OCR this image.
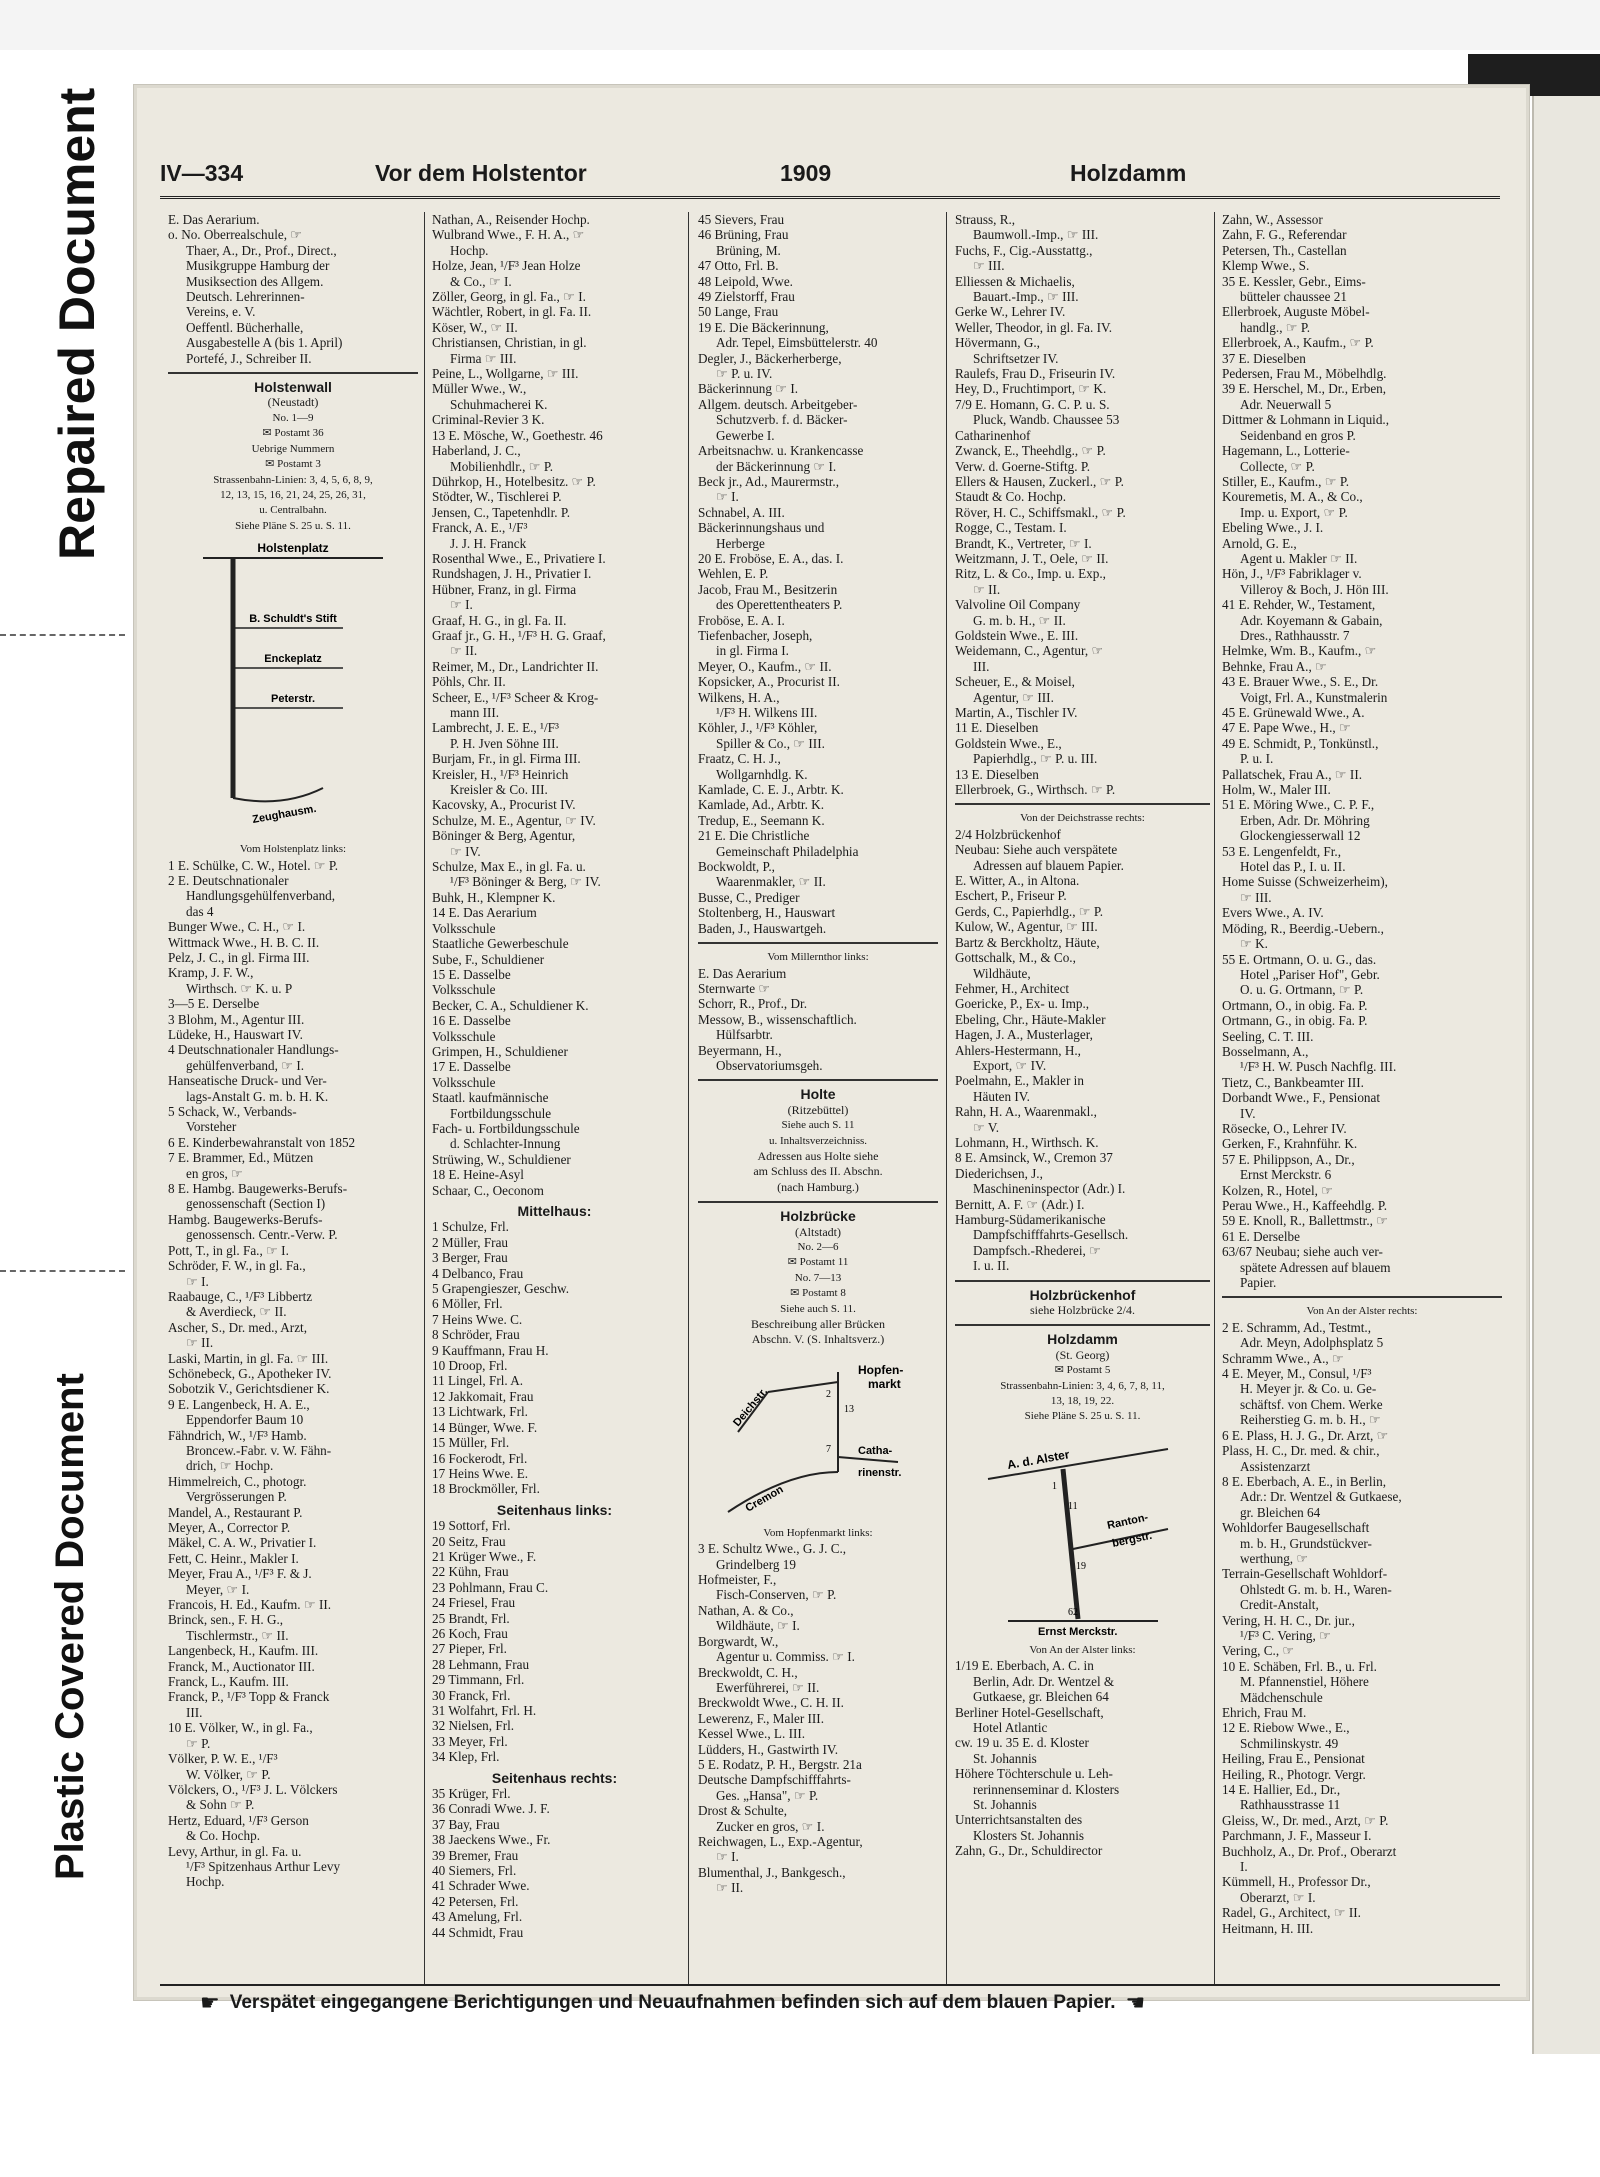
Repaired Document
Plastic Covered Document
IV—334	Vor dem Holstentor	1909	Holzdamm
E. Das Aerarium.
o. No. Oberrealschule, ☞
Thaer, A., Dr., Prof., Direct.,
Musikgruppe Hamburg der
Musiksection des Allgem.
Deutsch. Lehrerinnen-
Vereins, e. V.
Oeffentl. Bücherhalle,
Ausgabestelle A (bis 1. April)
Portefé, J., Schreiber II.
Holstenwall
(Neustadt)
No. 1—9
✉ Postamt 36
Uebrige Nummern
✉ Postamt 3
Strassenbahn-Linien: 3, 4, 5, 6, 8, 9,
12, 13, 15, 16, 21, 24, 25, 26, 31,
u. Centralbahn.
Siehe Pläne S. 25 u. S. 11.
Holstenplatz
B. Schuldt's Stift
Enckeplatz
Peterstr.
Zeughausm.
Vom Holstenplatz links:
1 E. Schülke, C. W., Hotel. ☞ P.
2 E. Deutschnationaler
Handlungsgehülfenverband,
das 4
Bunger Wwe., C. H., ☞ I.
Wittmack Wwe., H. B. C. II.
Pelz, J. C., in gl. Firma III.
Kramp, J. F. W.,
Wirthsch. ☞ K. u. P
3—5 E. Derselbe
3 Blohm, M., Agentur III.
Lüdeke, H., Hauswart IV.
4 Deutschnationaler Handlungs-
gehülfenverband, ☞ I.
Hanseatische Druck- und Ver-
lags-Anstalt G. m. b. H. K.
5 Schack, W., Verbands-
Vorsteher
6 E. Kinderbewahranstalt von 1852
7 E. Brammer, Ed., Mützen
en gros, ☞
8 E. Hambg. Baugewerks-Berufs-
genossenschaft (Section I)
Hambg. Baugewerks-Berufs-
genossensch. Centr.-Verw. P.
Pott, T., in gl. Fa., ☞ I.
Schröder, F. W., in gl. Fa.,
☞ I.
Raabauge, C., ¹/F³ Libbertz
& Averdieck, ☞ II.
Ascher, S., Dr. med., Arzt,
☞ II.
Laski, Martin, in gl. Fa. ☞ III.
Schönebeck, G., Apotheker IV.
Sobotzik V., Gerichtsdiener K.
9 E. Langenbeck, H. A. E.,
Eppendorfer Baum 10
Fähndrich, W., ¹/F³ Hamb.
Broncew.-Fabr. v. W. Fähn-
drich, ☞ Hochp.
Himmelreich, C., photogr.
Vergrösserungen P.
Mandel, A., Restaurant P.
Meyer, A., Corrector P.
Mäkel, C. A. W., Privatier I.
Fett, C. Heinr., Makler I.
Meyer, Frau A., ¹/F³ F. & J.
Meyer, ☞ I.
Francois, H. Ed., Kaufm. ☞ II.
Brinck, sen., F. H. G.,
Tischlermstr., ☞ II.
Langenbeck, H., Kaufm. III.
Franck, M., Auctionator III.
Franck, L., Kaufm. III.
Franck, P., ¹/F³ Topp & Franck
III.
10 E. Völker, W., in gl. Fa.,
☞ P.
Völker, P. W. E., ¹/F³
W. Völker, ☞ P.
Völckers, O., ¹/F³ J. L. Völckers
& Sohn ☞ P.
Hertz, Eduard, ¹/F³ Gerson
& Co. Hochp.
Levy, Arthur, in gl. Fa. u.
¹/F³ Spitzenhaus Arthur Levy
Hochp.
Nathan, A., Reisender Hochp.
Wulbrand Wwe., F. H. A., ☞
Hochp.
Holze, Jean, ¹/F³ Jean Holze
& Co., ☞ I.
Zöller, Georg, in gl. Fa., ☞ I.
Wächtler, Robert, in gl. Fa. II.
Köser, W., ☞ II.
Christiansen, Christian, in gl.
Firma ☞ III.
Peine, L., Wollgarne, ☞ III.
Müller Wwe., W.,
Schuhmacherei K.
Criminal-Revier 3 K.
13 E. Mösche, W., Goethestr. 46
Haberland, J. C.,
Mobilienhdlr., ☞ P.
Dührkop, H., Hotelbesitz. ☞ P.
Stödter, W., Tischlerei P.
Jensen, C., Tapetenhdlr. P.
Franck, A. E., ¹/F³
J. J. H. Franck
Rosenthal Wwe., E., Privatiere I.
Rundshagen, J. H., Privatier I.
Hübner, Franz, in gl. Firma
☞ I.
Graaf, H. G., in gl. Fa. II.
Graaf jr., G. H., ¹/F³ H. G. Graaf,
☞ II.
Reimer, M., Dr., Landrichter II.
Pöhls, Chr. II.
Scheer, E., ¹/F³ Scheer & Krog-
mann III.
Lambrecht, J. E. E., ¹/F³
P. H. Jven Söhne III.
Burjam, Fr., in gl. Firma III.
Kreisler, H., ¹/F³ Heinrich
Kreisler & Co. III.
Kacovsky, A., Procurist IV.
Schulze, M. E., Agentur, ☞ IV.
Böninger & Berg, Agentur,
☞ IV.
Schulze, Max E., in gl. Fa. u.
¹/F³ Böninger & Berg, ☞ IV.
Buhk, H., Klempner K.
14 E. Das Aerarium
Volksschule
Staatliche Gewerbeschule
Sube, F., Schuldiener
15 E. Dasselbe
Volksschule
Becker, C. A., Schuldiener K.
16 E. Dasselbe
Volksschule
Grimpen, H., Schuldiener
17 E. Dasselbe
Volksschule
Staatl. kaufmännische
Fortbildungsschule
Fach- u. Fortbildungsschule
d. Schlachter-Innung
Strüwing, W., Schuldiener
18 E. Heine-Asyl
Schaar, C., Oeconom
Mittelhaus:
1 Schulze, Frl.
2 Müller, Frau
3 Berger, Frau
4 Delbanco, Frau
5 Grapengieszer, Geschw.
6 Möller, Frl.
7 Heins Wwe. C.
8 Schröder, Frau
9 Kauffmann, Frau H.
10 Droop, Frl.
11 Lingel, Frl. A.
12 Jakkomait, Frau
13 Lichtwark, Frl.
14 Bünger, Wwe. F.
15 Müller, Frl.
16 Fockerodt, Frl.
17 Heins Wwe. E.
18 Brockmöller, Frl.
Seitenhaus links:
19 Sottorf, Frl.
20 Seitz, Frau
21 Krüger Wwe., F.
22 Kühn, Frau
23 Pohlmann, Frau C.
24 Friesel, Frau
25 Brandt, Frl.
26 Koch, Frau
27 Pieper, Frl.
28 Lehmann, Frau
29 Timmann, Frl.
30 Franck, Frl.
31 Wolfahrt, Frl. H.
32 Nielsen, Frl.
33 Meyer, Frl.
34 Klep, Frl.
Seitenhaus rechts:
35 Krüger, Frl.
36 Conradi Wwe. J. F.
37 Bay, Frau
38 Jaeckens Wwe., Fr.
39 Bremer, Frau
40 Siemers, Frl.
41 Schrader Wwe.
42 Petersen, Frl.
43 Amelung, Frl.
44 Schmidt, Frau
45 Sievers, Frau
46 Brüning, Frau
Brüning, M.
47 Otto, Frl. B.
48 Leipold, Wwe.
49 Zielstorff, Frau
50 Lange, Frau
19 E. Die Bäckerinnung,
Adr. Tepel, Eimsbüttelerstr. 40
Degler, J., Bäckerherberge,
☞ P. u. IV.
Bäckerinnung ☞ I.
Allgem. deutsch. Arbeitgeber-
Schutzverb. f. d. Bäcker-
Gewerbe I.
Arbeitsnachw. u. Krankencasse
der Bäckerinnung ☞ I.
Beck jr., Ad., Maurermstr.,
☞ I.
Schnabel, A. III.
Bäckerinnungshaus und
Herberge
20 E. Froböse, E. A., das. I.
Wehlen, E. P.
Jacob, Frau M., Besitzerin
des Operettentheaters P.
Froböse, E. A. I.
Tiefenbacher, Joseph,
in gl. Firma I.
Meyer, O., Kaufm., ☞ II.
Kopsicker, A., Procurist II.
Wilkens, H. A.,
¹/F³ H. Wilkens III.
Köhler, J., ¹/F³ Köhler,
Spiller & Co., ☞ III.
Fraatz, C. H. J.,
Wollgarnhdlg. K.
Kamlade, C. E. J., Arbtr. K.
Kamlade, Ad., Arbtr. K.
Tredup, E., Seemann K.
21 E. Die Christliche
Gemeinschaft Philadelphia
Bockwoldt, P.,
Waarenmakler, ☞ II.
Busse, C., Prediger
Stoltenberg, H., Hauswart
Baden, J., Hauswartgeh.
Vom Millernthor links:
E. Das Aerarium
Sternwarte ☞
Schorr, R., Prof., Dr.
Messow, B., wissenschaftlich.
Hülfsarbtr.
Beyermann, H.,
Observatoriumsgeh.
Holte
(Ritzebüttel)
Siehe auch S. 11
u. Inhaltsverzeichniss.
Adressen aus Holte siehe
am Schluss des II. Abschn.
(nach Hamburg.)
Holzbrücke
(Altstadt)
No. 2—6
✉ Postamt 11
No. 7—13
✉ Postamt 8
Siehe auch S. 11.
Beschreibung aller Brücken
Abschn. V. (S. Inhaltsverz.)
Hopfen-
markt
Deichstr.
Catha-
rinenstr.
Cremon
2
7
13
Vom Hopfenmarkt links:
3 E. Schultz Wwe., G. J. C.,
Grindelberg 19
Hofmeister, F.,
Fisch-Conserven, ☞ P.
Nathan, A. & Co.,
Wildhäute, ☞ I.
Borgwardt, W.,
Agentur u. Commiss. ☞ I.
Breckwoldt, C. H.,
Ewerführerei, ☞ II.
Breckwoldt Wwe., C. H. II.
Lewerenz, F., Maler III.
Kessel Wwe., L. III.
Lüdders, H., Gastwirth IV.
5 E. Rodatz, P. H., Bergstr. 21a
Deutsche Dampfschifffahrts-
Ges. „Hansa", ☞ P.
Drost & Schulte,
Zucker en gros, ☞ I.
Reichwagen, L., Exp.-Agentur,
☞ I.
Blumenthal, J., Bankgesch.,
☞ II.
Strauss, R.,
Baumwoll.-Imp., ☞ III.
Fuchs, F., Cig.-Ausstattg.,
☞ III.
Elliessen & Michaelis,
Bauart.-Imp., ☞ III.
Gerke W., Lehrer IV.
Weller, Theodor, in gl. Fa. IV.
Hövermann, G.,
Schriftsetzer IV.
Raulefs, Frau D., Friseurin IV.
Hey, D., Fruchtimport, ☞ K.
7/9 E. Homann, G. C. P. u. S.
Pluck, Wandb. Chaussee 53
Catharinenhof
Zwanck, E., Theehdlg., ☞ P.
Verw. d. Goerne-Stiftg. P.
Ellers & Hausen, Zuckerl., ☞ P.
Staudt & Co. Hochp.
Röver, H. C., Schiffsmakl., ☞ P.
Rogge, C., Testam. I.
Brandt, K., Vertreter, ☞ I.
Weitzmann, J. T., Oele, ☞ II.
Ritz, L. & Co., Imp. u. Exp.,
☞ II.
Valvoline Oil Company
G. m. b. H., ☞ II.
Goldstein Wwe., E. III.
Weidemann, C., Agentur, ☞
III.
Scheuer, E., & Moisel,
Agentur, ☞ III.
Martin, A., Tischler IV.
11 E. Dieselben
Goldstein Wwe., E.,
Papierhdlg., ☞ P. u. III.
13 E. Dieselben
Ellerbroek, G., Wirthsch. ☞ P.
Von der Deichstrasse rechts:
2/4 Holzbrückenhof
Neubau: Siehe auch verspätete
Adressen auf blauem Papier.
E. Witter, A., in Altona.
Eschert, P., Friseur P.
Gerds, C., Papierhdlg., ☞ P.
Kulow, W., Agentur, ☞ III.
Bartz & Berckholtz, Häute,
Gottschalk, M., & Co.,
Wildhäute,
Fehmer, H., Architect
Goericke, P., Ex- u. Imp.,
Ebeling, Chr., Häute-Makler
Hagen, J. A., Musterlager,
Ahlers-Hestermann, H.,
Export, ☞ IV.
Poelmahn, E., Makler in
Häuten IV.
Rahn, H. A., Waarenmakl.,
☞ V.
Lohmann, H., Wirthsch. K.
8 E. Amsinck, W., Cremon 37
Diederichsen, J.,
Maschineninspector (Adr.) I.
Bernitt, A. F. ☞ (Adr.) I.
Hamburg-Südamerikanische
Dampfschifffahrts-Gesellsch.
Dampfsch.-Rhederei, ☞
I. u. II.
Holzbrückenhof
siehe Holzbrücke 2/4.
Holzdamm
(St. Georg)
✉ Postamt 5
Strassenbahn-Linien: 3, 4, 6, 7, 8, 11,
13, 18, 19, 22.
Siehe Pläne S. 25 u. S. 11.
A. d. Alster
Ranton-
bergstr.
Ernst Merckstr.
1
11
19
62
Von An der Alster links:
1/19 E. Eberbach, A. C. in
Berlin, Adr. Dr. Wentzel &
Gutkaese, gr. Bleichen 64
Berliner Hotel-Gesellschaft,
Hotel Atlantic
cw. 19 u. 35 E. d. Kloster
St. Johannis
Höhere Töchterschule u. Leh-
rerinnenseminar d. Klosters
St. Johannis
Unterrichtsanstalten des
Klosters St. Johannis
Zahn, G., Dr., Schuldirector
Zahn, W., Assessor
Zahn, F. G., Referendar
Petersen, Th., Castellan
Klemp Wwe., S.
35 E. Kessler, Gebr., Eims-
bütteler chaussee 21
Ellerbroek, Auguste Möbel-
handlg., ☞ P.
Ellerbroek, A., Kaufm., ☞ P.
37 E. Dieselben
Pedersen, Frau M., Möbelhdlg.
39 E. Herschel, M., Dr., Erben,
Adr. Neuerwall 5
Dittmer & Lohmann in Liquid.,
Seidenband en gros P.
Hagemann, L., Lotterie-
Collecte, ☞ P.
Stiller, E., Kaufm., ☞ P.
Kouremetis, M. A., & Co.,
Imp. u. Export, ☞ P.
Ebeling Wwe., J. I.
Arnold, G. E.,
Agent u. Makler ☞ II.
Hön, J., ¹/F³ Fabriklager v.
Villeroy & Boch, J. Hön III.
41 E. Rehder, W., Testament,
Adr. Koyemann & Gabain,
Dres., Rathhausstr. 7
Helmke, Wm. B., Kaufm., ☞
Behnke, Frau A., ☞
43 E. Brauer Wwe., S. E., Dr.
Voigt, Frl. A., Kunstmalerin
45 E. Grünewald Wwe., A.
47 E. Pape Wwe., H., ☞
49 E. Schmidt, P., Tonkünstl.,
P. u. I.
Pallatschek, Frau A., ☞ II.
Holm, W., Maler III.
51 E. Möring Wwe., C. P. F.,
Erben, Adr. Dr. Möhring
Glockengiesserwall 12
53 E. Lengenfeldt, Fr.,
Hotel das P., I. u. II.
Home Suisse (Schweizerheim),
☞ III.
Evers Wwe., A. IV.
Möding, R., Beerdig.-Uebern.,
☞ K.
55 E. Ortmann, O. u. G., das.
Hotel „Pariser Hof", Gebr.
O. u. G. Ortmann, ☞ P.
Ortmann, O., in obig. Fa. P.
Ortmann, G., in obig. Fa. P.
Seeling, C. T. III.
Bosselmann, A.,
¹/F³ H. W. Pusch Nachflg. III.
Tietz, C., Bankbeamter III.
Dorbandt Wwe., F., Pensionat
IV.
Rösecke, O., Lehrer IV.
Gerken, F., Krahnführ. K.
57 E. Philippson, A., Dr.,
Ernst Merckstr. 6
Kolzen, R., Hotel, ☞
Perau Wwe., H., Kaffeehdlg. P.
59 E. Knoll, R., Ballettmstr., ☞
61 E. Derselbe
63/67 Neubau; siehe auch ver-
spätete Adressen auf blauem
Papier.
Von An der Alster rechts:
2 E. Schramm, Ad., Testmt.,
Adr. Meyn, Adolphsplatz 5
Schramm Wwe., A., ☞
4 E. Meyer, M., Consul, ¹/F³
H. Meyer jr. & Co. u. Ge-
schäftsf. von Chem. Werke
Reiherstieg G. m. b. H., ☞
6 E. Plass, H. J. G., Dr. Arzt, ☞
Plass, H. C., Dr. med. & chir.,
Assistenzarzt
8 E. Eberbach, A. E., in Berlin,
Adr.: Dr. Wentzel & Gutkaese,
gr. Bleichen 64
Wohldorfer Baugesellschaft
m. b. H., Grundstückver-
werthung, ☞
Terrain-Gesellschaft Wohldorf-
Ohlstedt G. m. b. H., Waren-
Credit-Anstalt,
Vering, H. H. C., Dr. jur.,
¹/F³ C. Vering, ☞
Vering, C., ☞
10 E. Schäben, Frl. B., u. Frl.
M. Pfannenstiel, Höhere
Mädchenschule
Ehrich, Frau M.
12 E. Riebow Wwe., E.,
Schmilinskystr. 49
Heiling, Frau E., Pensionat
Heiling, R., Photogr. Vergr.
14 E. Hallier, Ed., Dr.,
Rathhausstrasse 11
Gleiss, W., Dr. med., Arzt, ☞ P.
Parchmann, J. F., Masseur I.
Buchholz, A., Dr. Prof., Oberarzt
I.
Kümmell, H., Professor Dr.,
Oberarzt, ☞ I.
Radel, G., Architect, ☞ II.
Heitmann, H. III.
☛ Verspätet eingegangene Berichtigungen und Neuaufnahmen befinden sich auf dem blauen Papier. ☚
